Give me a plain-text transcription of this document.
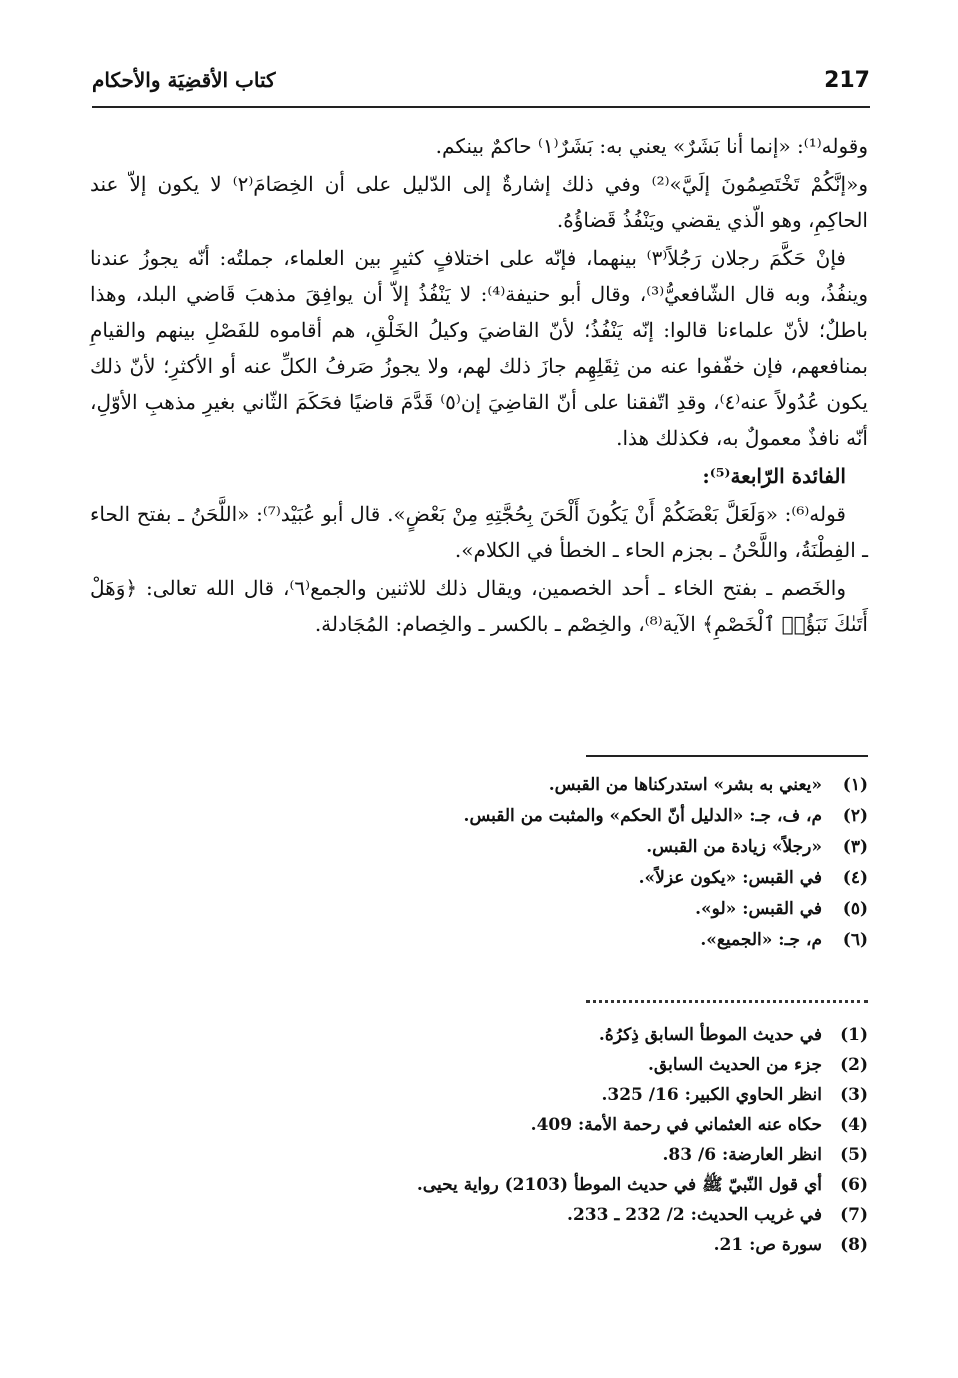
217
كتاب الأقضِيَة والأحكام

وقوله⁽¹⁾: «إنما أنا بَشَرٌ» يعني به: بَشَرٌ⁽١⁾ حاكمٌ بينكم.

و«إنَّكُمْ تَخْتَصِمُونَ إلَيَّ»⁽²⁾ وفي ذلك إشارةٌ إلى الدّليل على أن الخِصَامَ⁽٢⁾ لا يكون إلاّ عند الحاكِمِ، وهو الّذي يقضي ويَنْفُذُ قَضاؤُهُ.

فإنْ حَكَّمَ رجلان رَجُلاً⁽٣⁾ بينهما، فإنّه على اختلافٍ كثيرٍ بين العلماء، جملتُه: أنّه يجوزُ عندنا وينفُذُ، وبه قال الشّافعيُّ⁽³⁾، وقال أبو حنيفة⁽⁴⁾: لا يَنْفُذُ إلاّ أن يوافِقَ مذهبَ قَاضي البلد، وهذا باطلٌ؛ لأنّ علماءنا قالوا: إنّه يَنْفُذُ؛ لأنّ القاضيَ وكيلُ الخَلْقِ، هم أقاموه للفَصْلِ بينهم والقيامِ بمنافعهم، فإن خفّفوا عنه من ثِقَلِهِم جازَ ذلك لهم، ولا يجوزُ صَرفُ الكلِّ عنه أو الأكثرِ؛ لأنّ ذلك يكون عُدُولاً عنه⁽٤⁾، وقدِ اتّفقنا على أنّ القاضِيَ إن⁽٥⁾ قَدَّمَ قاضيًا فحَكَمَ الثّاني بغيرِ مذهبِ الأوّلِ، أنّه نافذٌ معمولٌ به، فكذلك هذا.

الفائدة الرّابعة⁽⁵⁾:

قوله⁽⁶⁾: «وَلَعَلَّ بَعْضَكُمْ أَنْ يَكُونَ أَلْحَنَ بِحُجَّتِهِ مِنْ بَعْضٍ». قال أبو عُبَيْد⁽⁷⁾: «اللَّحَنُ ـ بفتح الحاء ـ الفِطْنَةُ، واللَّحْنُ ـ بجزم الحاء ـ الخطأ في الكلام».

والخَصم ـ بفتح الخاء ـ أحد الخصمين، ويقال ذلك للاثنين والجمع⁽٦⁾، قال الله تعالى: ﴿وَهَلْ أَتَىٰكَ نَبَؤُا۟ ٱلْخَصْمِ﴾ الآية⁽⁸⁾، والخِصْم ـ بالكسر ـ والخِصام: المُجَادلة.

(١)«يعني به بشر» استدركناها من القبس.
(٢)م، ف، جـ: «الدليل أنّ الحكم» والمثبت من القبس.
(٣)«رجلاً» زيادة من القبس.
(٤)في القبس: «يكون عزلاً».
(٥)في القبس: «لو».
(٦)م، جـ: «الجميع».
(1)في حديث الموطأ السابق ذِكرُهُ.
(2)جزء من الحديث السابق.
(3)انظر الحاوي الكبير: 16/ 325.
(4)حكاه عنه العثماني في رحمة الأمة: 409.
(5)انظر العارضة: 6/ 83.
(6)أي قول النّبيّ ﷺ في حديث الموطأ (2103) رواية يحيى.
(7)في غريب الحديث: 2/ 232 ـ 233.
(8)سورة ص: 21.
